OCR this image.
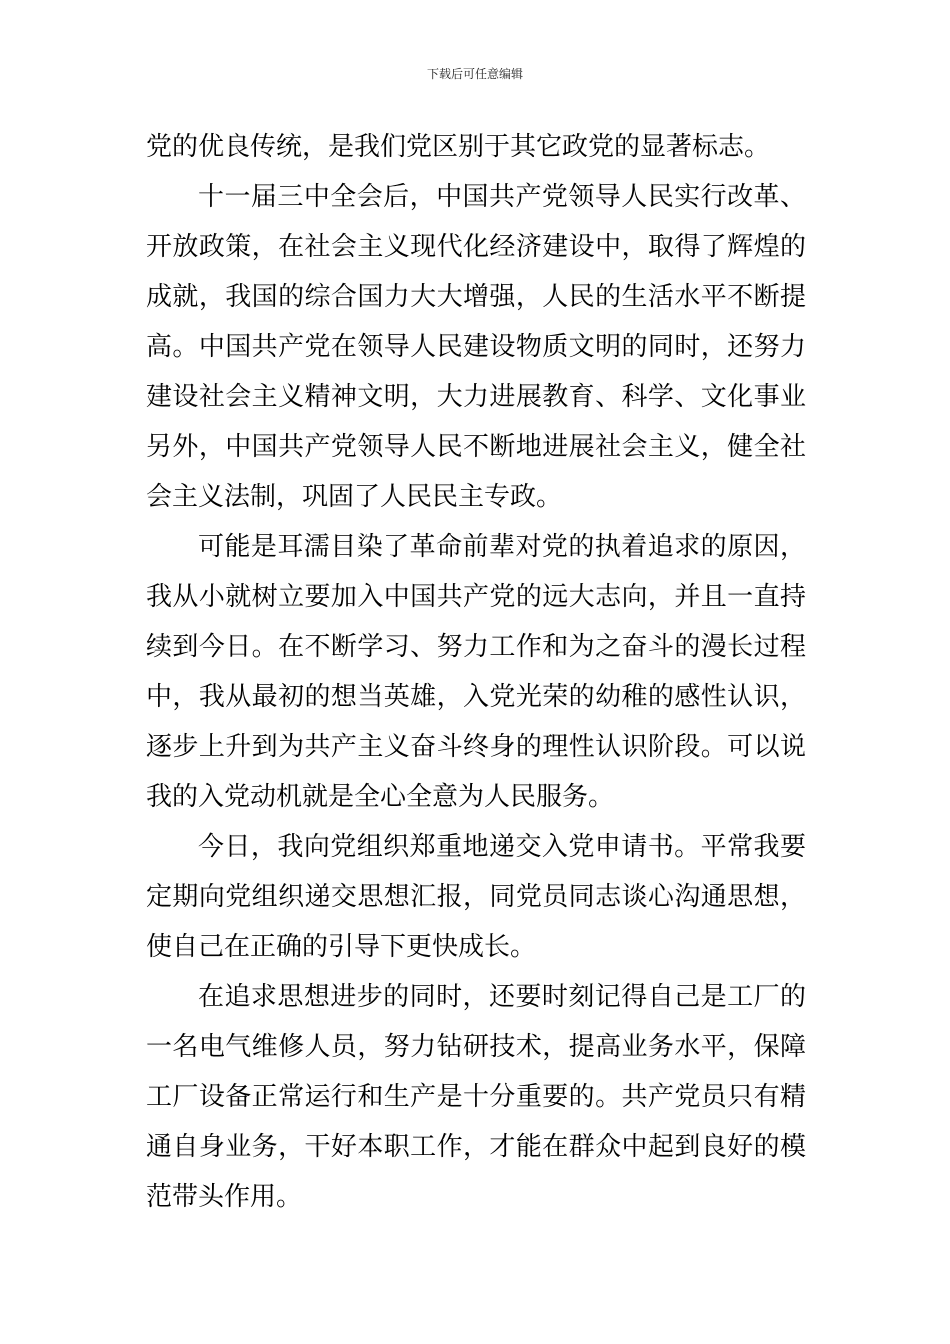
下载后可任意编辑

党的优良传统，是我们党区别于其它政党的显著标志。

十一届三中全会后，中国共产党领导人民实行改革、开放政策，在社会主义现代化经济建设中，取得了辉煌的成就，我国的综合国力大大增强，人民的生活水平不断提高。中国共产党在领导人民建设物质文明的同时，还努力建设社会主义精神文明，大力进展教育、科学、文化事业另外，中国共产党领导人民不断地进展社会主义，健全社会主义法制，巩固了人民民主专政。

可能是耳濡目染了革命前辈对党的执着追求的原因，我从小就树立要加入中国共产党的远大志向，并且一直持续到今日。在不断学习、努力工作和为之奋斗的漫长过程中，我从最初的想当英雄，入党光荣的幼稚的感性认识，逐步上升到为共产主义奋斗终身的理性认识阶段。可以说我的入党动机就是全心全意为人民服务。

今日，我向党组织郑重地递交入党申请书。平常我要定期向党组织递交思想汇报，同党员同志谈心沟通思想，使自己在正确的引导下更快成长。

在追求思想进步的同时，还要时刻记得自己是工厂的一名电气维修人员，努力钻研技术，提高业务水平，保障工厂设备正常运行和生产是十分重要的。共产党员只有精通自身业务，干好本职工作，才能在群众中起到良好的模范带头作用。
